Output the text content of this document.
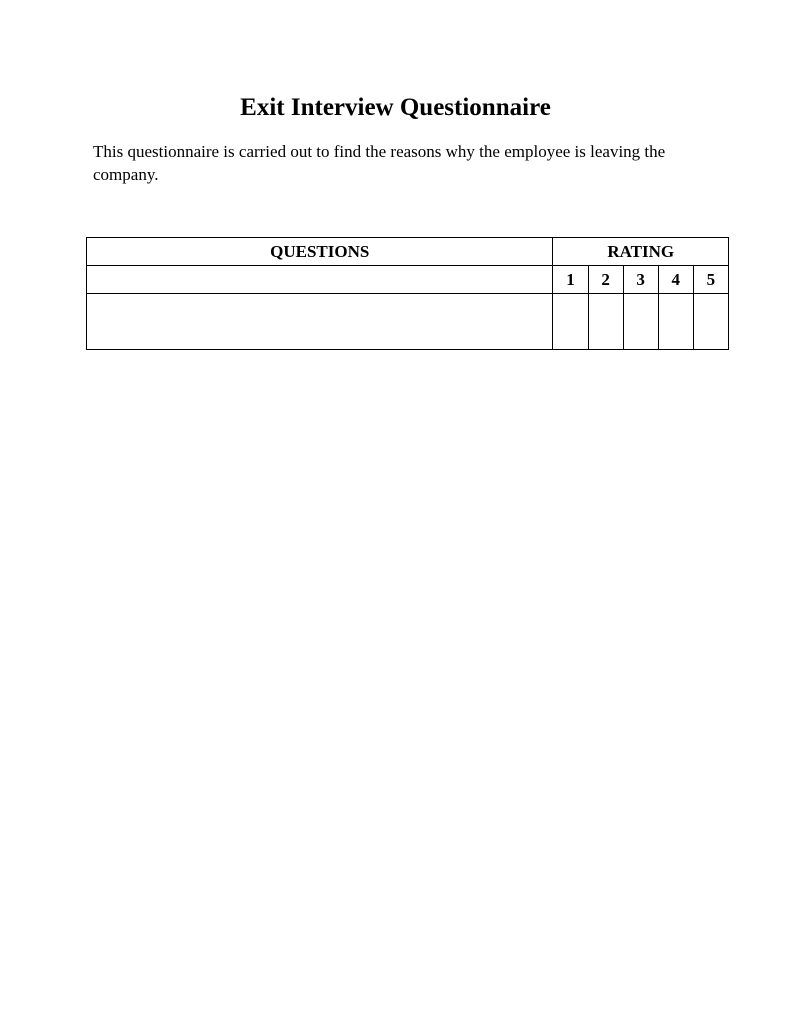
Exit Interview Questionnaire

This questionnaire is carried out to find the reasons why the employee is leaving the company.

QUESTIONS	RATING				
	1	2	3	4	5
